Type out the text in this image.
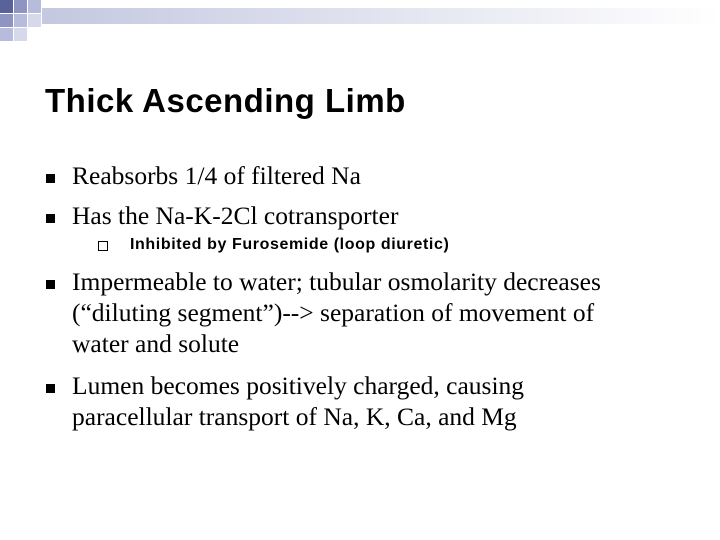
Thick Ascending Limb
Reabsorbs 1/4 of filtered Na
Has the Na-K-2Cl cotransporter
Inhibited by Furosemide (loop diuretic)
Impermeable to water; tubular osmolarity decreases (“diluting segment”)--> separation of movement of water and solute
Lumen becomes positively charged, causing paracellular transport of Na, K, Ca, and Mg
